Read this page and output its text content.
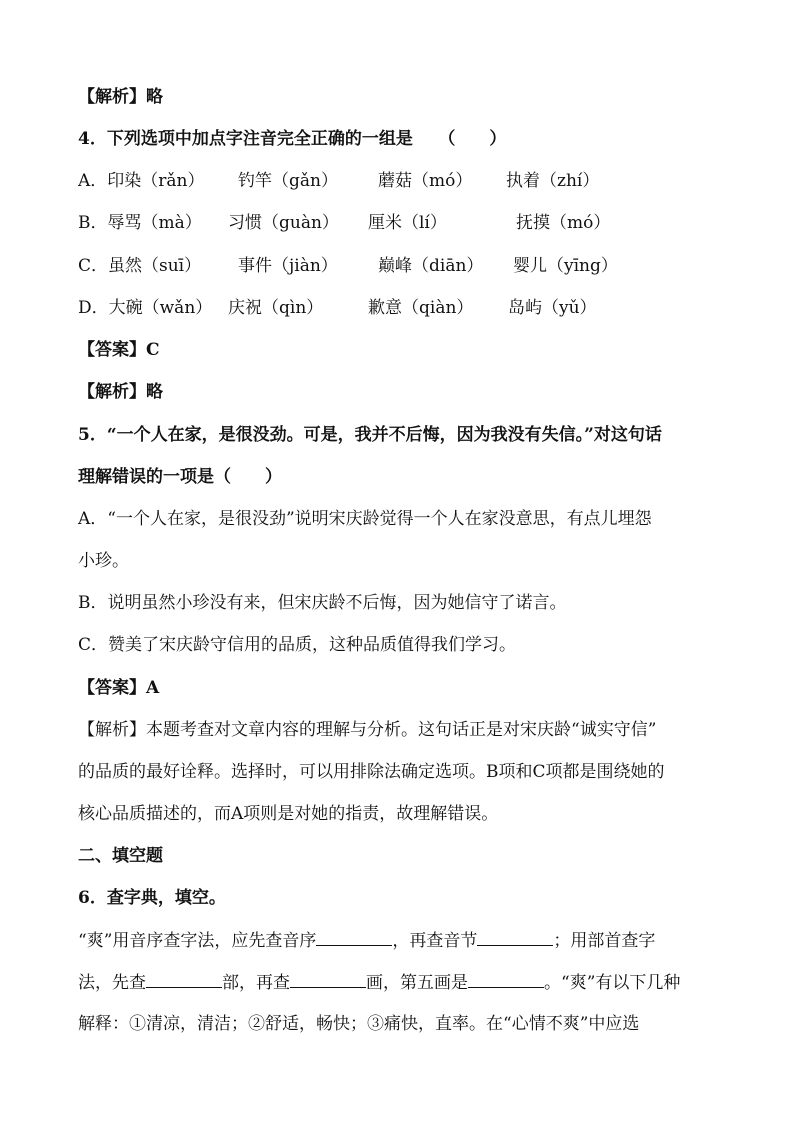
【解析】略
4．下列选项中加点字注音完全正确的一组是　　（　　）
A．印染（rǎn） 钓竿（gǎn） 蘑菇（mó） 执着（zhí）
B．辱骂（mà） 习惯（guàn） 厘米（lí）	抚摸（mó）
C．虽然（suī） 事件（jiàn） 巅峰（diān） 婴儿（yīng）
D．大碗（wǎn） 庆祝（qìn）	歉意（qiàn） 岛屿（yǔ）
【答案】C
【解析】略
5．“一个人在家，是很没劲。可是，我并不后悔，因为我没有失信。”对这句话
理解错误的一项是（　　）
A．“一个人在家，是很没劲”说明宋庆龄觉得一个人在家没意思，有点儿埋怨
小珍。
B．说明虽然小珍没有来，但宋庆龄不后悔，因为她信守了诺言。
C．赞美了宋庆龄守信用的品质，这种品质值得我们学习。
【答案】A
【解析】本题考查对文章内容的理解与分析。这句话正是对宋庆龄“诚实守信”
的品质的最好诠释。选择时，可以用排除法确定选项。B项和C项都是围绕她的
核心品质描述的，而A项则是对她的指责，故理解错误。
二、填空题
6．查字典，填空。
“爽”用音序查字法，应先查音序	，再查音节	；用部首查字
法，先查	部，再查	画，第五画是	。“爽”有以下几种
解释：①清凉，清洁；②舒适，畅快；③痛快，直率。在“心情不爽”中应选
